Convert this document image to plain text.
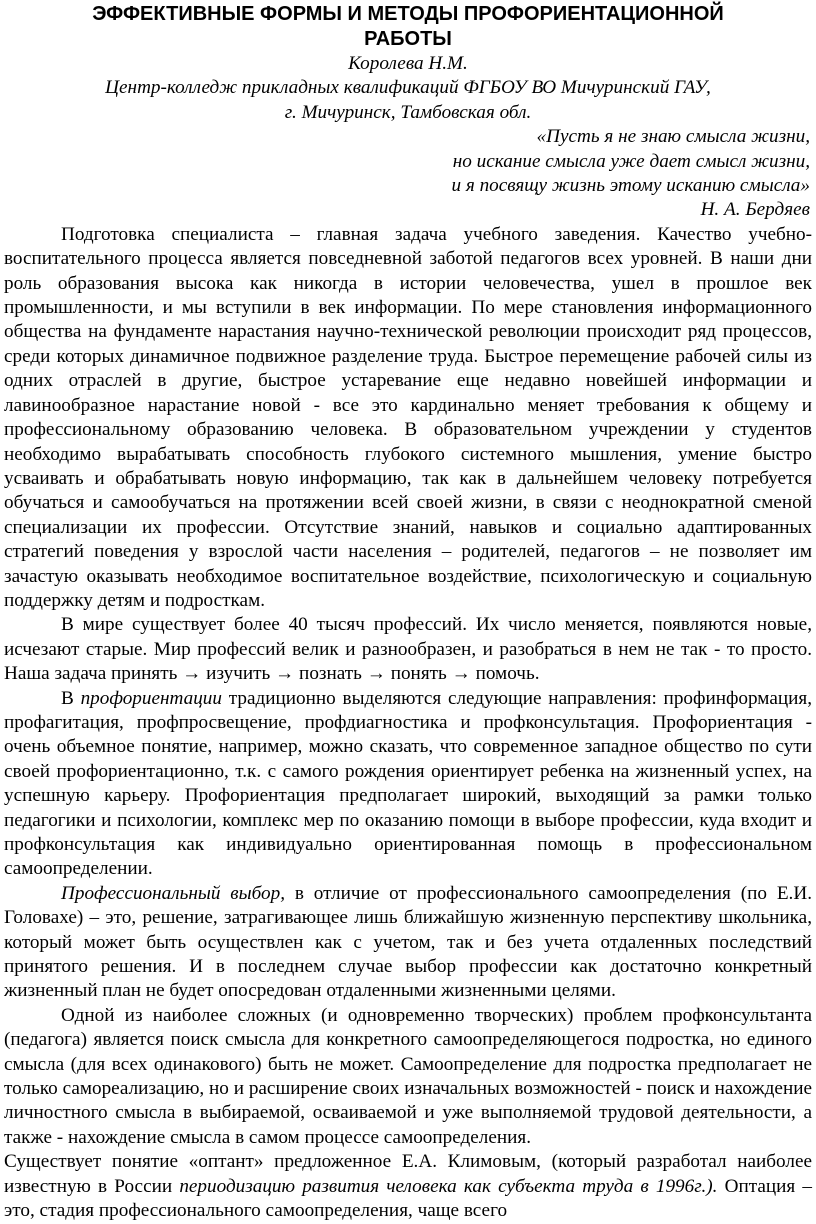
ЭФФЕКТИВНЫЕ ФОРМЫ И МЕТОДЫ ПРОФОРИЕНТАЦИОННОЙ
РАБОТЫ

Королева Н.М.

Центр-колледж прикладных квалификаций ФГБОУ ВО Мичуринский ГАУ,

г. Мичуринск, Тамбовская обл.

«Пусть я не знаю смысла жизни,

но искание смысла уже дает смысл жизни,

и я посвящу жизнь этому исканию смысла»

Н. А. Бердяев

Подготовка специалиста – главная задача учебного заведения. Качество учебно-воспитательного процесса является повседневной заботой педагогов всех уровней. В наши дни роль образования высока как никогда в истории человечества, ушел в прошлое век промышленности, и мы вступили в век информации. По мере становления информационного общества на фундаменте нарастания научно-технической революции происходит ряд процессов, среди которых динамичное подвижное разделение труда. Быстрое перемещение рабочей силы из одних отраслей в другие, быстрое устаревание еще недавно новейшей информации и лавинообразное нарастание новой - все это кардинально меняет требования к общему и профессиональному образованию человека. В образовательном учреждении у студентов необходимо вырабатывать способность глубокого системного мышления, умение быстро усваивать и обрабатывать новую информацию, так как в дальнейшем человеку потребуется обучаться и самообучаться на протяжении всей своей жизни, в связи с неоднократной сменой специализации их профессии. Отсутствие знаний, навыков и социально адаптированных стратегий поведения у взрослой части населения – родителей, педагогов – не позволяет им зачастую оказывать необходимое воспитательное воздействие, психологическую и социальную поддержку детям и подросткам.

В мире существует более 40 тысяч профессий. Их число меняется, появляются новые, исчезают старые. Мир профессий велик и разнообразен, и разобраться в нем не так - то просто. Наша задача принять → изучить → познать → понять → помочь.

В профориентации традиционно выделяются следующие направления: профинформация, профагитация, профпросвещение, профдиагностика и профконсультация. Профориентация - очень объемное понятие, например, можно сказать, что современное западное общество по сути своей профориентационно, т.к. с самого рождения ориентирует ребенка на жизненный успех, на успешную карьеру. Профориентация предполагает широкий, выходящий за рамки только педагогики и психологии, комплекс мер по оказанию помощи в выборе профессии, куда входит и профконсультация как индивидуально ориентированная помощь в профессиональном самоопределении.

Профессиональный выбор, в отличие от профессионального самоопределения (по Е.И. Головахе) – это, решение, затрагивающее лишь ближайшую жизненную перспективу школьника, который может быть осуществлен как с учетом, так и без учета отдаленных последствий принятого решения. И в последнем случае выбор профессии как достаточно конкретный жизненный план не будет опосредован отдаленными жизненными целями.

Одной из наиболее сложных (и одновременно творческих) проблем профконсультанта (педагога) является поиск смысла для конкретного самоопределяющегося подростка, но единого смысла (для всех одинакового) быть не может. Самоопределение для подростка предполагает не только самореализацию, но и расширение своих изначальных возможностей - поиск и нахождение личностного смысла в выбираемой, осваиваемой и уже выполняемой трудовой деятельности, а также - нахождение смысла в самом процессе самоопределения.

Существует понятие «оптант» предложенное Е.А. Климовым, (который разработал наиболее известную в России периодизацию развития человека как субъекта труда в 1996г.). Оптация – это, стадия профессионального самоопределения, чаще всего
